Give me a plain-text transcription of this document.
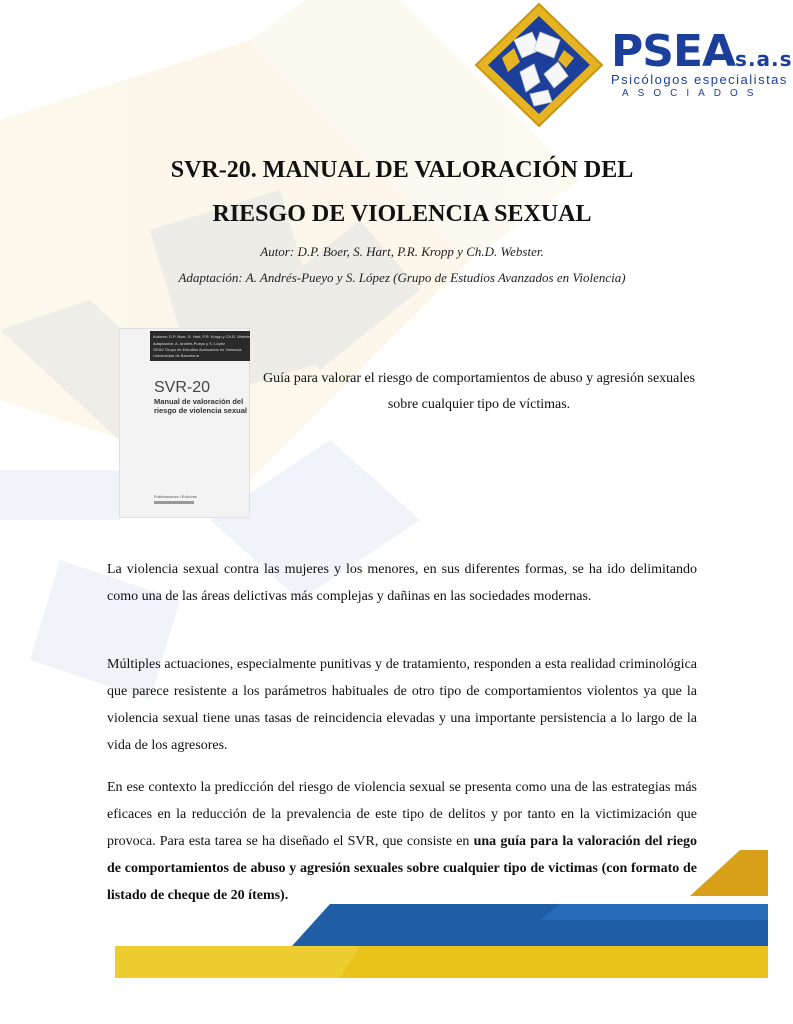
PSEAs.a.s
Psicólogos especialistas
ASOCIADOS
SVR-20. MANUAL DE VALORACIÓN DEL
RIESGO DE VIOLENCIA SEXUAL
Autor: D.P. Boer, S. Hart, P.R. Kropp y Ch.D. Webster.
Adaptación: A. Andrés-Pueyo y S. López (Grupo de Estudios Avanzados en Violencia)
Autores: D.P. Boer, S. Hart, P.R. Kropp y Ch.D. Webster
Adaptación: A. Andrés-Pueyo y S. López
GEAV Grupo de Estudios Avanzados en Violencia
Universidad de Barcelona
SVR-20
Manual de valoración del riesgo de violencia sexual
Publicaciones i Edicions
Guía para valorar el riesgo de comportamientos de abuso y agresión sexuales sobre cualquier tipo de víctimas.

La violencia sexual contra las mujeres y los menores, en sus diferentes formas, se ha ido delimitando como una de las áreas delictivas más complejas y dañinas en las sociedades modernas.

Múltiples actuaciones, especialmente punitivas y de tratamiento, responden a esta realidad criminológica que parece resistente a los parámetros habituales de otro tipo de comportamientos violentos ya que la violencia sexual tiene unas tasas de reincidencia elevadas y una importante persistencia a lo largo de la vida de los agresores.

En ese contexto la predicción del riesgo de violencia sexual se presenta como una de las estrategias más eficaces en la reducción de la prevalencia de este tipo de delitos y por tanto en la victimización que provoca. Para esta tarea se ha diseñado el SVR, que consiste en una guía para la valoración del riego de comportamientos de abuso y agresión sexuales sobre cualquier tipo de victimas (con formato de listado de cheque de 20 ítems).
